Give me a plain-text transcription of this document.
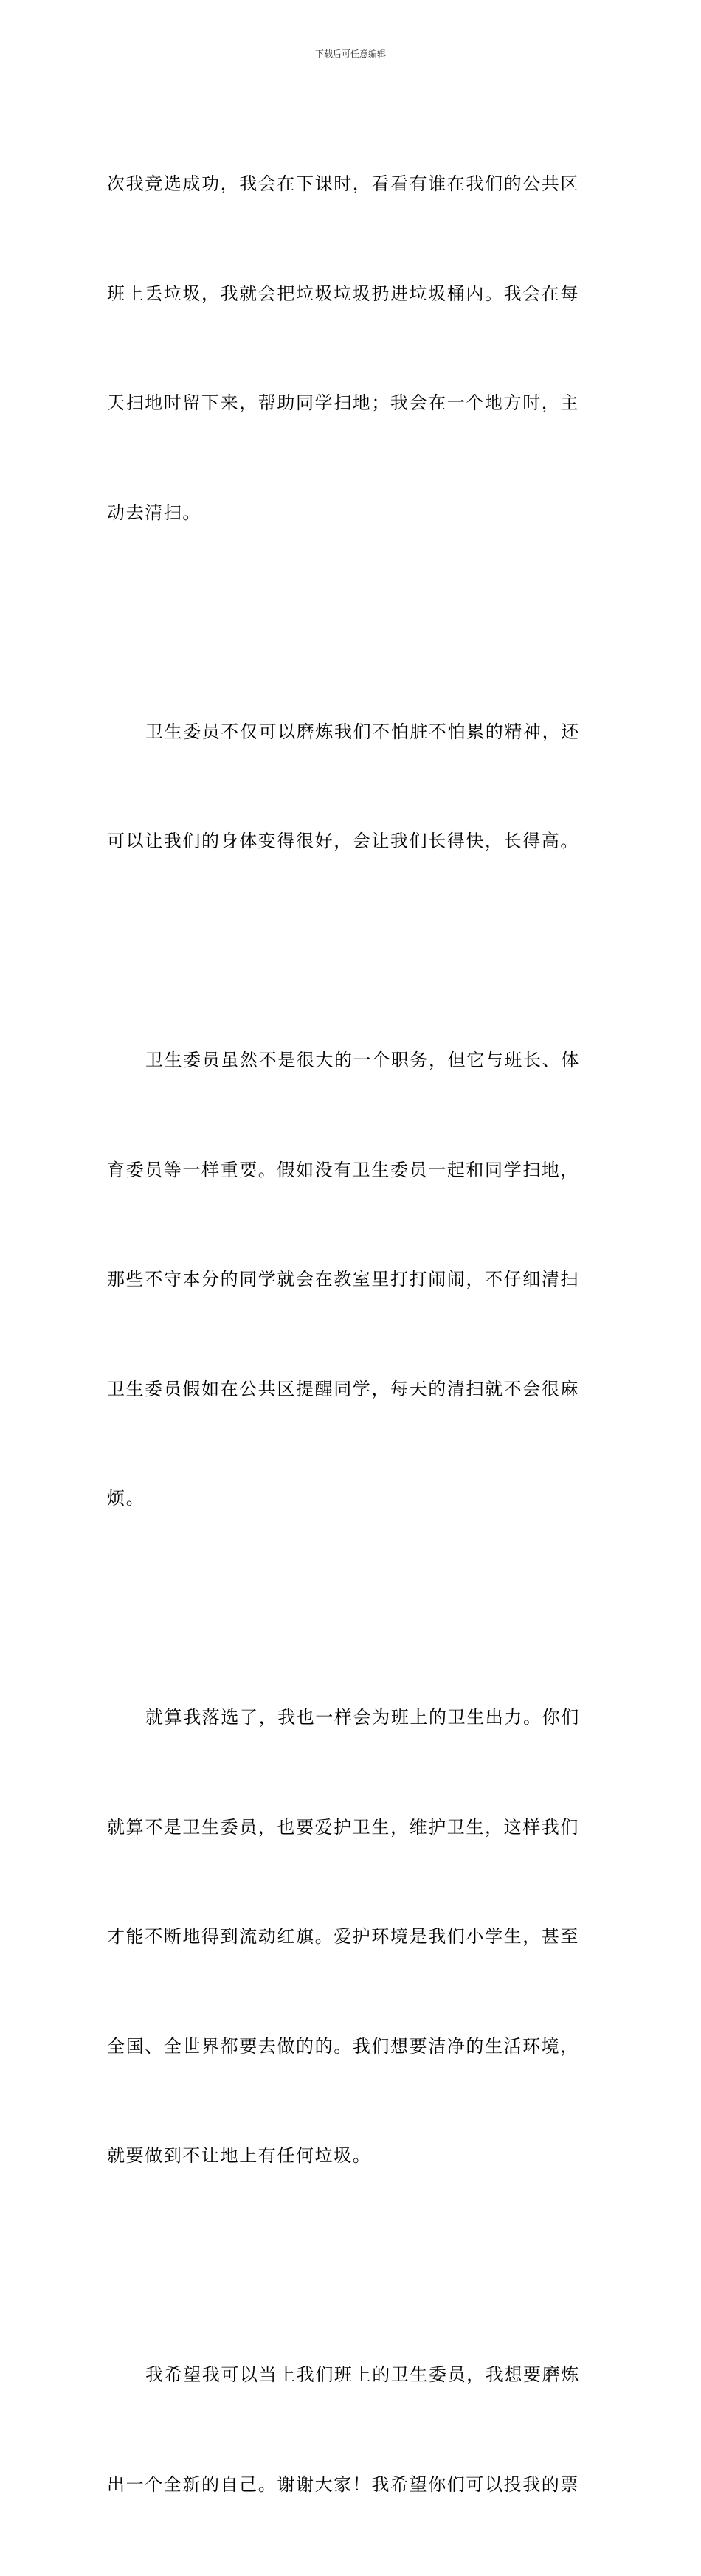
下载后可任意编辑

次我竞选成功，我会在下课时，看看有谁在我们的公共区

班上丢垃圾，我就会把垃圾垃圾扔进垃圾桶内。我会在每

天扫地时留下来，帮助同学扫地；我会在一个地方时，主

动去清扫。

卫生委员不仅可以磨炼我们不怕脏不怕累的精神，还

可以让我们的身体变得很好，会让我们长得快，长得高。

卫生委员虽然不是很大的一个职务，但它与班长、体

育委员等一样重要。假如没有卫生委员一起和同学扫地，

那些不守本分的同学就会在教室里打打闹闹，不仔细清扫

卫生委员假如在公共区提醒同学，每天的清扫就不会很麻

烦。

就算我落选了，我也一样会为班上的卫生出力。你们

就算不是卫生委员，也要爱护卫生，维护卫生，这样我们

才能不断地得到流动红旗。爱护环境是我们小学生，甚至

全国、全世界都要去做的的。我们想要洁净的生活环境，

就要做到不让地上有任何垃圾。

我希望我可以当上我们班上的卫生委员，我想要磨炼

出一个全新的自己。谢谢大家！我希望你们可以投我的票
